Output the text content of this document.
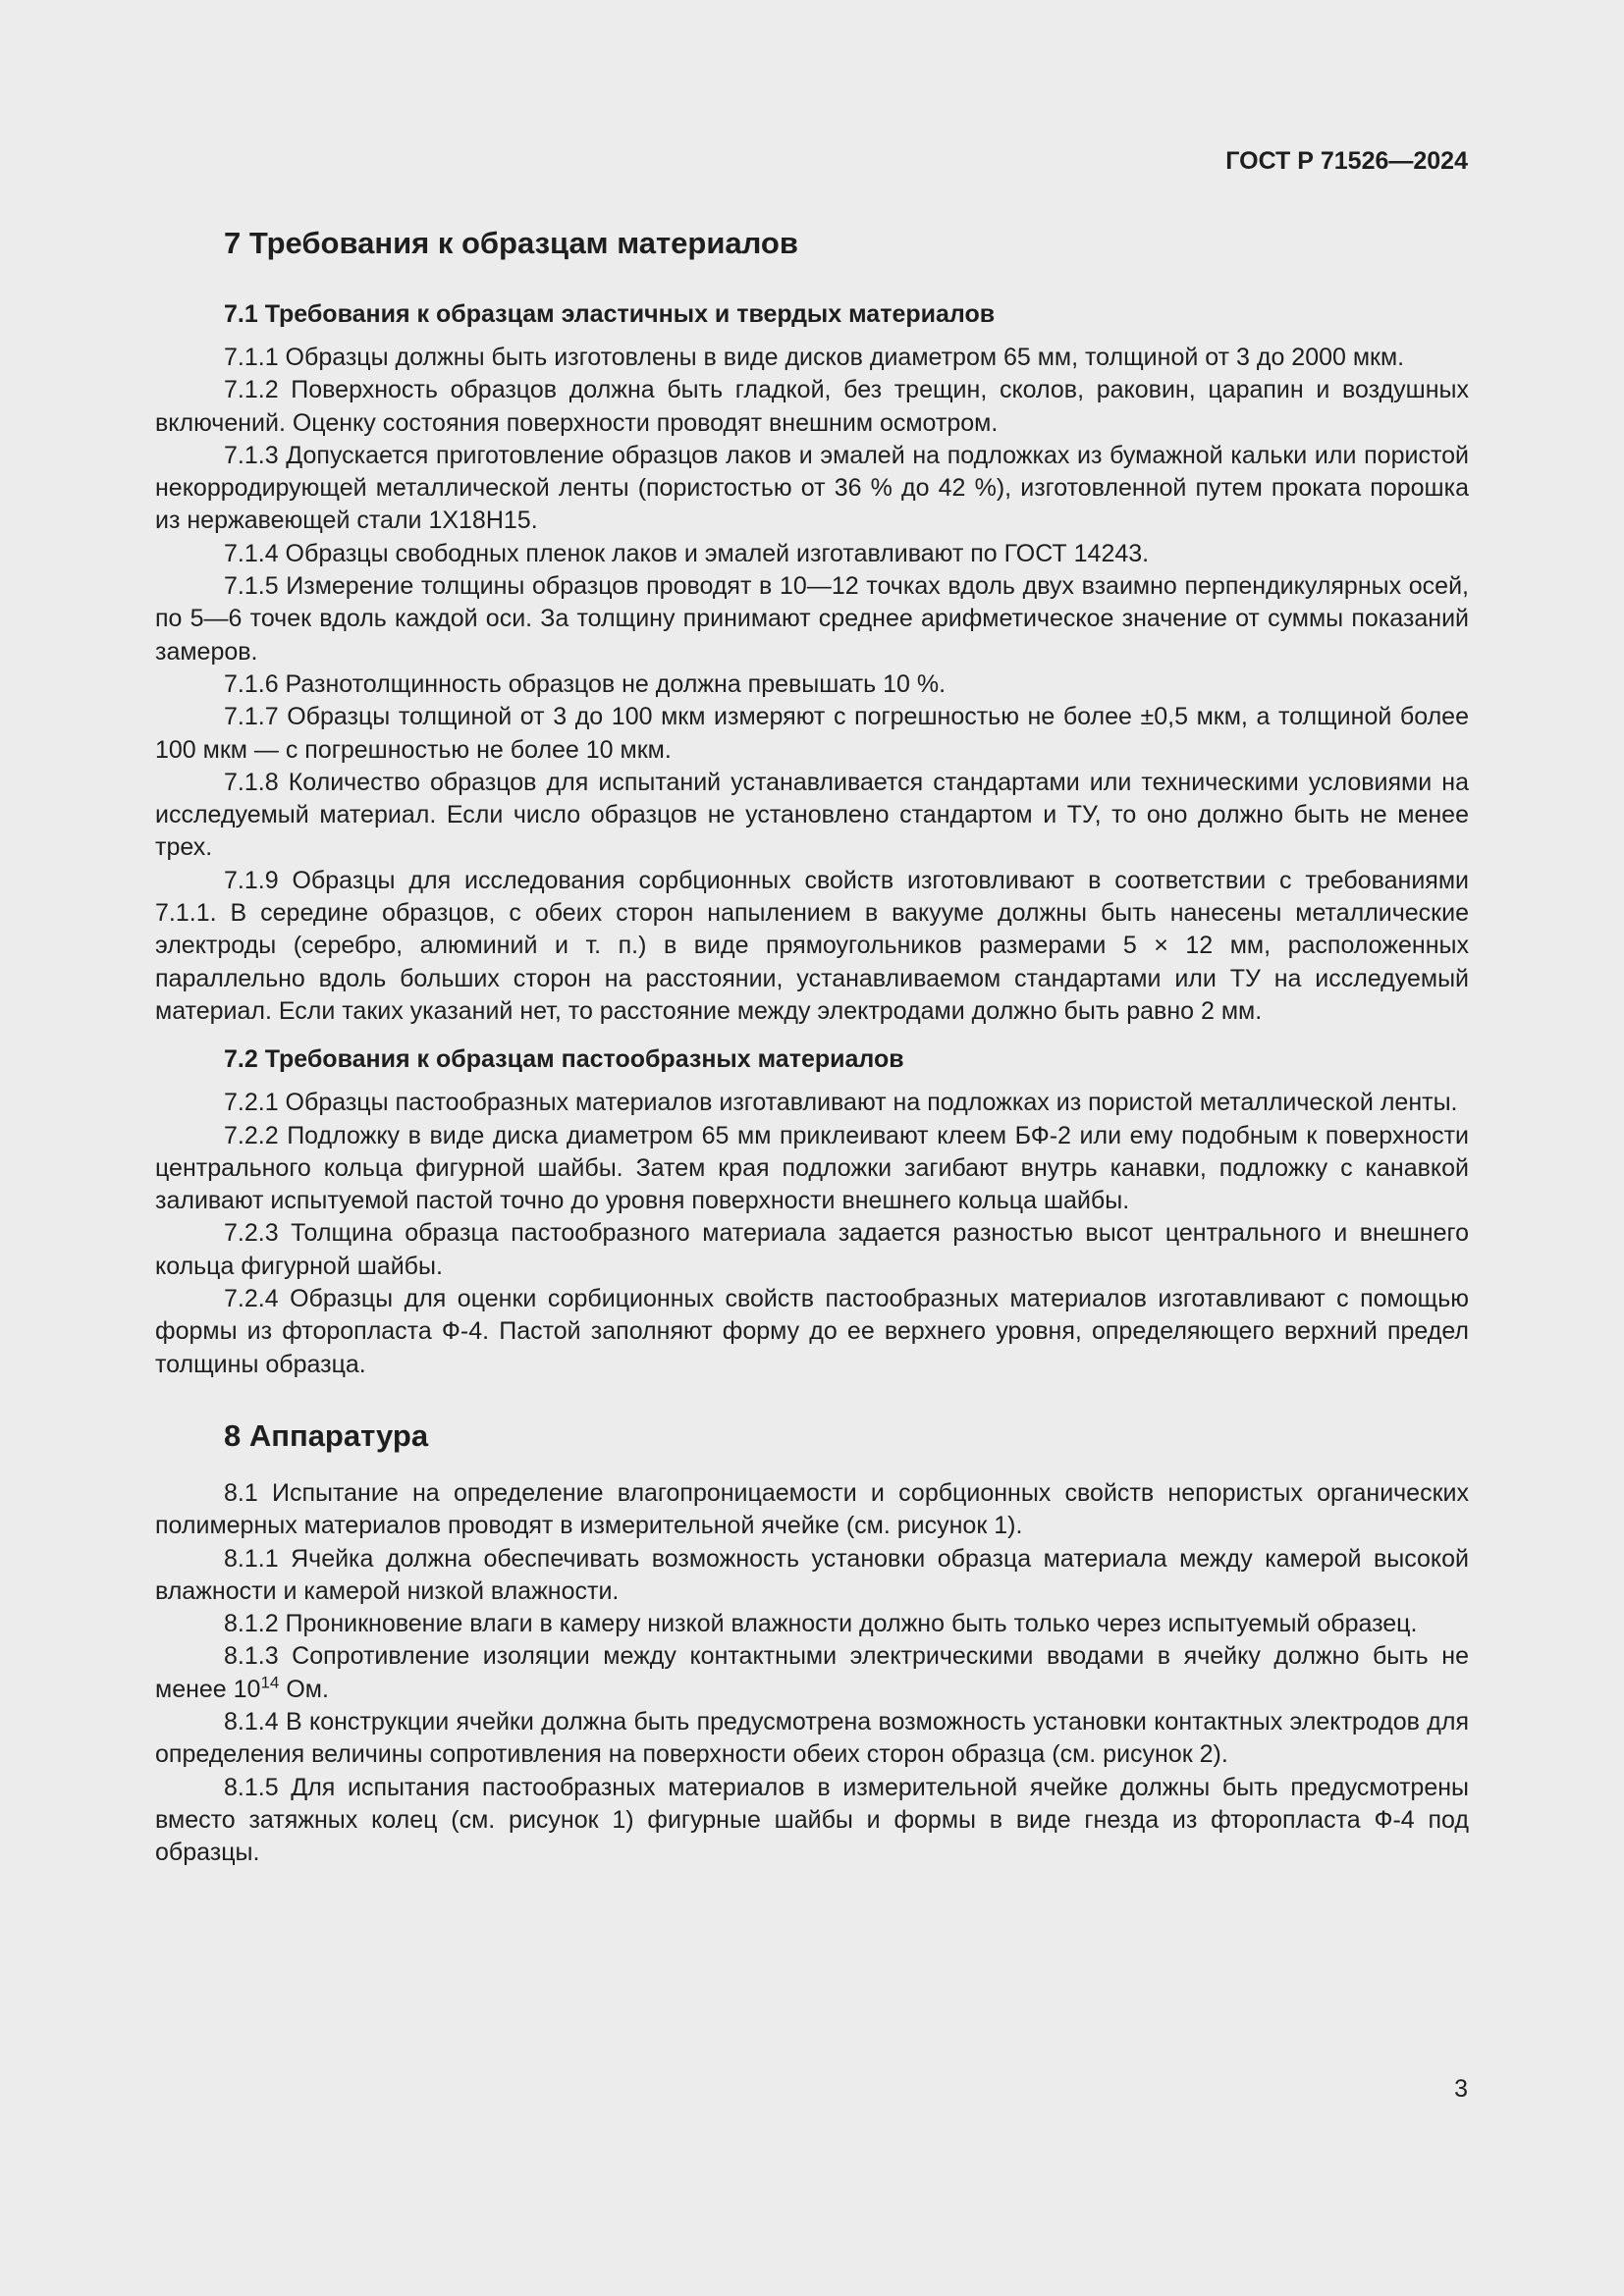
ГОСТ Р 71526—2024

7 Требования к образцам материалов
7.1 Требования к образцам эластичных и твердых материалов

7.1.1 Образцы должны быть изготовлены в виде дисков диаметром 65 мм, толщиной от 3 до 2000 мкм.

7.1.2 Поверхность образцов должна быть гладкой, без трещин, сколов, раковин, царапин и воздушных включений. Оценку состояния поверхности проводят внешним осмотром.

7.1.3 Допускается приготовление образцов лаков и эмалей на подложках из бумажной кальки или пористой некорродирующей металлической ленты (пористостью от 36 % до 42 %), изготовленной путем проката порошка из нержавеющей стали 1Х18Н15.

7.1.4 Образцы свободных пленок лаков и эмалей изготавливают по ГОСТ 14243.

7.1.5 Измерение толщины образцов проводят в 10—12 точках вдоль двух взаимно перпендикулярных осей, по 5—6 точек вдоль каждой оси. За толщину принимают среднее арифметическое значение от суммы показаний замеров.

7.1.6 Разнотолщинность образцов не должна превышать 10 %.

7.1.7 Образцы толщиной от 3 до 100 мкм измеряют с погрешностью не более ±0,5 мкм, а толщиной более 100 мкм — с погрешностью не более 10 мкм.

7.1.8 Количество образцов для испытаний устанавливается стандартами или техническими условиями на исследуемый материал. Если число образцов не установлено стандартом и ТУ, то оно должно быть не менее трех.

7.1.9 Образцы для исследования сорбционных свойств изготовливают в соответствии с требованиями 7.1.1. В середине образцов, с обеих сторон напылением в вакууме должны быть нанесены металлические электроды (серебро, алюминий и т. п.) в виде прямоугольников размерами 5 × 12 мм, расположенных параллельно вдоль больших сторон на расстоянии, устанавливаемом стандартами или ТУ на исследуемый материал. Если таких указаний нет, то расстояние между электродами должно быть равно 2 мм.

7.2 Требования к образцам пастообразных материалов

7.2.1 Образцы пастообразных материалов изготавливают на подложках из пористой металлической ленты.

7.2.2 Подложку в виде диска диаметром 65 мм приклеивают клеем БФ-2 или ему подобным к поверхности центрального кольца фигурной шайбы. Затем края подложки загибают внутрь канавки, подложку с канавкой заливают испытуемой пастой точно до уровня поверхности внешнего кольца шайбы.

7.2.3 Толщина образца пастообразного материала задается разностью высот центрального и внешнего кольца фигурной шайбы.

7.2.4 Образцы для оценки сорбиционных свойств пастообразных материалов изготавливают с помощью формы из фторопласта Ф-4. Пастой заполняют форму до ее верхнего уровня, определяющего верхний предел толщины образца.

8 Аппаратура

8.1 Испытание на определение влагопроницаемости и сорбционных свойств непористых органических полимерных материалов проводят в измерительной ячейке (см. рисунок 1).

8.1.1 Ячейка должна обеспечивать возможность установки образца материала между камерой высокой влажности и камерой низкой влажности.

8.1.2 Проникновение влаги в камеру низкой влажности должно быть только через испытуемый образец.

8.1.3 Сопротивление изоляции между контактными электрическими вводами в ячейку должно быть не менее $10^{14}$ Ом.

8.1.4 В конструкции ячейки должна быть предусмотрена возможность установки контактных электродов для определения величины сопротивления на поверхности обеих сторон образца (см. рисунок 2).

8.1.5 Для испытания пастообразных материалов в измерительной ячейке должны быть предусмотрены вместо затяжных колец (см. рисунок 1) фигурные шайбы и формы в виде гнезда из фторопласта Ф-4 под образцы.

3
